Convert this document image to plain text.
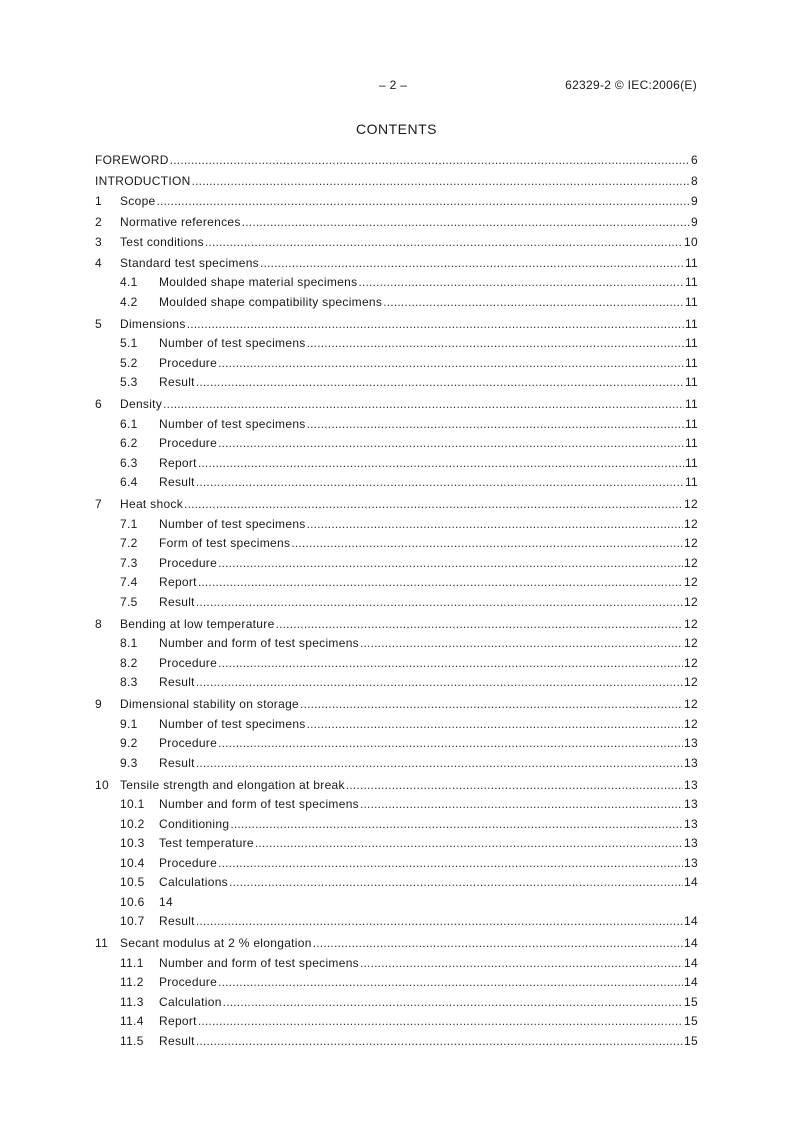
– 2 –	62329-2 © IEC:2006(E)
CONTENTS
FOREWORD .....	6
INTRODUCTION .....	8
1	Scope .....	9
2	Normative references .....	9
3	Test conditions .....	10
4	Standard test specimens .....	11
4.1	Moulded shape material specimens .....	11
4.2	Moulded shape compatibility specimens .....	11
5	Dimensions .....	11
5.1	Number of test specimens .....	11
5.2	Procedure .....	11
5.3	Result .....	11
6	Density .....	11
6.1	Number of test specimens .....	11
6.2	Procedure .....	11
6.3	Report .....	11
6.4	Result .....	11
7	Heat shock .....	12
7.1	Number of test specimens .....	12
7.2	Form of test specimens .....	12
7.3	Procedure .....	12
7.4	Report .....	12
7.5	Result .....	12
8	Bending at low temperature .....	12
8.1	Number and form of test specimens .....	12
8.2	Procedure .....	12
8.3	Result .....	12
9	Dimensional stability on storage .....	12
9.1	Number of test specimens .....	12
9.2	Procedure .....	13
9.3	Result .....	13
10 Tensile strength and elongation at break .....	13
10.1	Number and form of test specimens .....	13
10.2	Conditioning .....	13
10.3	Test temperature .....	13
10.4	Procedure .....	13
10.5	Calculations .....	14
10.6	14
10.7	Result .....	14
11 Secant modulus at 2 % elongation .....	14
11.1	Number and form of test specimens .....	14
11.2	Procedure .....	14
11.3	Calculation .....	15
11.4	Report .....	15
11.5	Result .....	15
